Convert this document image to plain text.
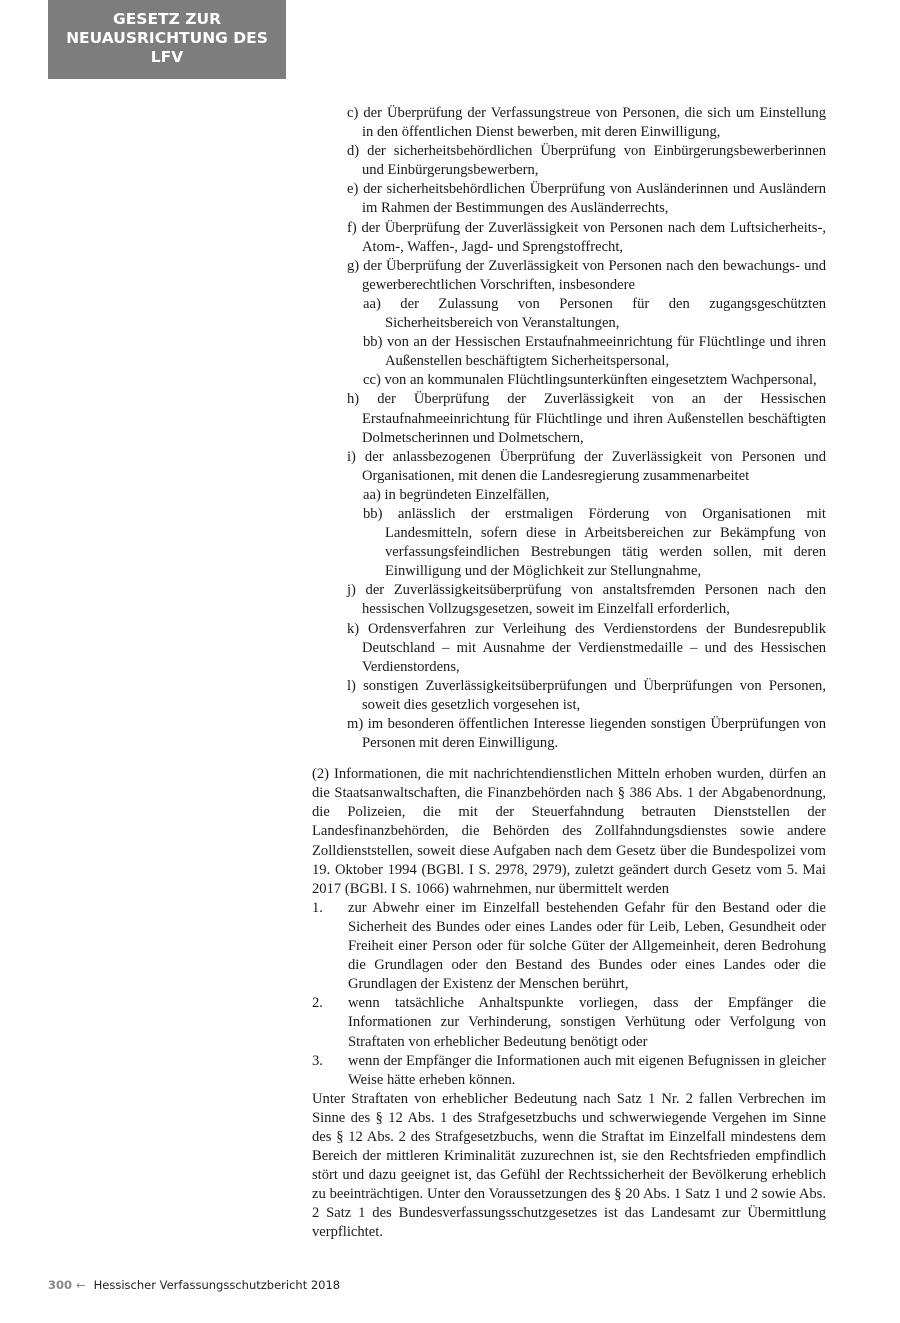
GESETZ ZUR
NEUAUSRICHTUNG DES LFV
c) der Überprüfung der Verfassungstreue von Personen, die sich um Einstellung in den öffentlichen Dienst bewerben, mit deren Einwilligung,
d) der sicherheitsbehördlichen Überprüfung von Einbürgerungsbewerberinnen und Einbürgerungsbewerbern,
e) der sicherheitsbehördlichen Überprüfung von Ausländerinnen und Ausländern im Rahmen der Bestimmungen des Ausländerrechts,
f) der Überprüfung der Zuverlässigkeit von Personen nach dem Luftsicherheits-, Atom-, Waffen-, Jagd- und Sprengstoffrecht,
g) der Überprüfung der Zuverlässigkeit von Personen nach den bewachungs- und gewerberechtlichen Vorschriften, insbesondere
aa) der Zulassung von Personen für den zugangsgeschützten Sicherheitsbereich von Veranstaltungen,
bb) von an der Hessischen Erstaufnahmeeinrichtung für Flüchtlinge und ihren Außenstellen beschäftigtem Sicherheitspersonal,
cc) von an kommunalen Flüchtlingsunterkünften eingesetztem Wachpersonal,
h) der Überprüfung der Zuverlässigkeit von an der Hessischen Erstaufnahmeeinrichtung für Flüchtlinge und ihren Außenstellen beschäftigten Dolmetscherinnen und Dolmetschern,
i) der anlassbezogenen Überprüfung der Zuverlässigkeit von Personen und Organisationen, mit denen die Landesregierung zusammenarbeitet
aa) in begründeten Einzelfällen,
bb) anlässlich der erstmaligen Förderung von Organisationen mit Landesmitteln, sofern diese in Arbeitsbereichen zur Bekämpfung von verfassungsfeindlichen Bestrebungen tätig werden sollen, mit deren Einwilligung und der Möglichkeit zur Stellungnahme,
j) der Zuverlässigkeitsüberprüfung von anstaltsfremden Personen nach den hessischen Vollzugsgesetzen, soweit im Einzelfall erforderlich,
k) Ordensverfahren zur Verleihung des Verdienstordens der Bundesrepublik Deutschland – mit Ausnahme der Verdienstmedaille – und des Hessischen Verdienstordens,
l) sonstigen Zuverlässigkeitsüberprüfungen und Überprüfungen von Personen, soweit dies gesetzlich vorgesehen ist,
m) im besonderen öffentlichen Interesse liegenden sonstigen Überprüfungen von Personen mit deren Einwilligung.
(2) Informationen, die mit nachrichtendienstlichen Mitteln erhoben wurden, dürfen an die Staatsanwaltschaften, die Finanzbehörden nach § 386 Abs. 1 der Abgabenordnung, die Polizeien, die mit der Steuerfahndung betrauten Dienststellen der Landesfinanzbehörden, die Behörden des Zollfahndungsdienstes sowie andere Zolldienststellen, soweit diese Aufgaben nach dem Gesetz über die Bundespolizei vom 19. Oktober 1994 (BGBl. I S. 2978, 2979), zuletzt geändert durch Gesetz vom 5. Mai 2017 (BGBl. I S. 1066) wahrnehmen, nur übermittelt werden
1.	zur Abwehr einer im Einzelfall bestehenden Gefahr für den Bestand oder die Sicherheit des Bundes oder eines Landes oder für Leib, Leben, Gesundheit oder Freiheit einer Person oder für solche Güter der Allgemeinheit, deren Bedrohung die Grundlagen oder den Bestand des Bundes oder eines Landes oder die Grundlagen der Existenz der Menschen berührt,
2.	wenn tatsächliche Anhaltspunkte vorliegen, dass der Empfänger die Informationen zur Verhinderung, sonstigen Verhütung oder Verfolgung von Straftaten von erheblicher Bedeutung benötigt oder
3.	wenn der Empfänger die Informationen auch mit eigenen Befugnissen in gleicher Weise hätte erheben können.
Unter Straftaten von erheblicher Bedeutung nach Satz 1 Nr. 2 fallen Verbrechen im Sinne des § 12 Abs. 1 des Strafgesetzbuchs und schwerwiegende Vergehen im Sinne des § 12 Abs. 2 des Strafgesetzbuchs, wenn die Straftat im Einzelfall mindestens dem Bereich der mittleren Kriminalität zuzurechnen ist, sie den Rechtsfrieden empfindlich stört und dazu geeignet ist, das Gefühl der Rechtssicherheit der Bevölkerung erheblich zu beeinträchtigen. Unter den Voraussetzungen des § 20 Abs. 1 Satz 1 und 2 sowie Abs. 2 Satz 1 des Bundesverfassungsschutzgesetzes ist das Landesamt zur Übermittlung verpflichtet.
300 ← Hessischer Verfassungsschutzbericht 2018
